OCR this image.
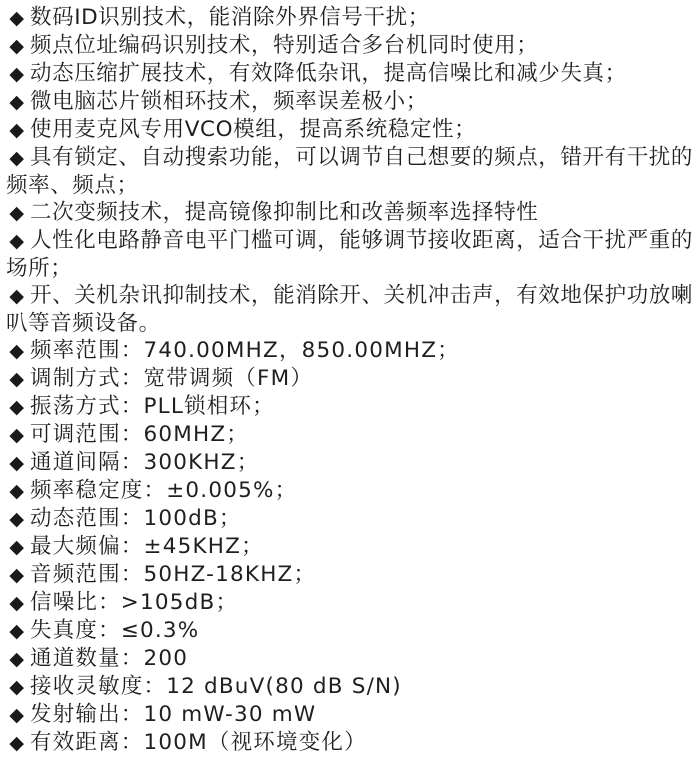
◆ 数码ID识别技术，能消除外界信号干扰；

◆ 频点位址编码识别技术，特别适合多台机同时使用；

◆ 动态压缩扩展技术，有效降低杂讯，提高信噪比和减少失真；

◆ 微电脑芯片锁相环技术，频率误差极小；

◆ 使用麦克风专用VCO模组，提高系统稳定性；

◆ 具有锁定、自动搜索功能，可以调节自己想要的频点，错开有干扰的频率、频点；

◆ 二次变频技术，提高镜像抑制比和改善频率选择特性

◆ 人性化电路静音电平门槛可调，能够调节接收距离，适合干扰严重的场所；

◆ 开、关机杂讯抑制技术，能消除开、关机冲击声，有效地保护功放喇叭等音频设备。

◆ 频率范围：740.00MHZ，850.00MHZ；

◆ 调制方式：宽带调频（FM）

◆ 振荡方式：PLL锁相环；

◆ 可调范围：60MHZ；

◆ 通道间隔：300KHZ；

◆ 频率稳定度：±0.005%；

◆ 动态范围：100dB；

◆ 最大频偏：±45KHZ；

◆ 音频范围：50HZ-18KHZ；

◆ 信噪比：>105dB；

◆ 失真度：≤0.3%

◆ 通道数量：200

◆ 接收灵敏度：12 dBuV(80 dB S/N)

◆ 发射输出：10 mW-30 mW

◆ 有效距离：100M（视环境变化）
